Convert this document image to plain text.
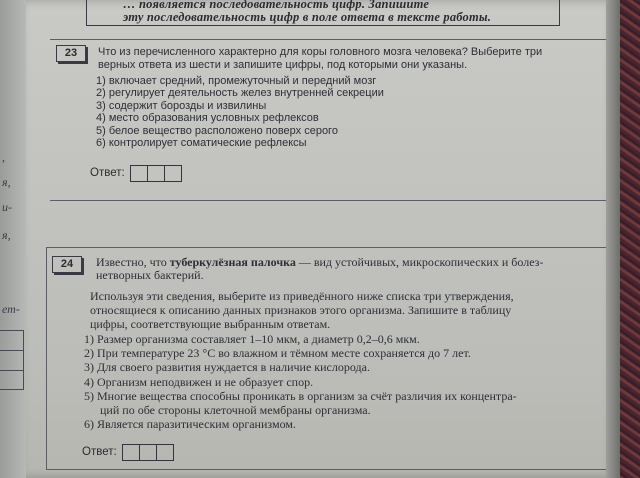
,
я,
и-
я,
ет-
… появляется последовательность цифр. Запишите
эту последовательность цифр в поле ответа в тексте работы.
23	Что из перечисленного характерно для коры головного мозга человека? Выберите три
верных ответа из шести и запишите цифры, под которыми они указаны.
1) включает средний, промежуточный и передний мозг
2) регулирует деятельность желез внутренней секреции
3) содержит борозды и извилины
4) место образования условных рефлексов
5) белое вещество расположено поверх серого
6) контролирует соматические рефлексы
Ответ:
24	Известно, что туберкулёзная палочка — вид устойчивых, микроскопических и болез-
нетворных бактерий.
Используя эти сведения, выберите из приведённого ниже списка три утверждения,
относящиеся к описанию данных признаков этого организма. Запишите в таблицу
цифры, соответствующие выбранным ответам.
1) Размер организма составляет 1–10 мкм, а диаметр 0,2–0,6 мкм.
2) При температуре 23 °С во влажном и тёмном месте сохраняется до 7 лет.
3) Для своего развития нуждается в наличие кислорода.
4) Организм неподвижен и не образует спор.
5) Многие вещества способны проникать в организм за счёт различия их концентра-
ций по обе стороны клеточной мембраны организма.
6) Является паразитическим организмом.
Ответ:
